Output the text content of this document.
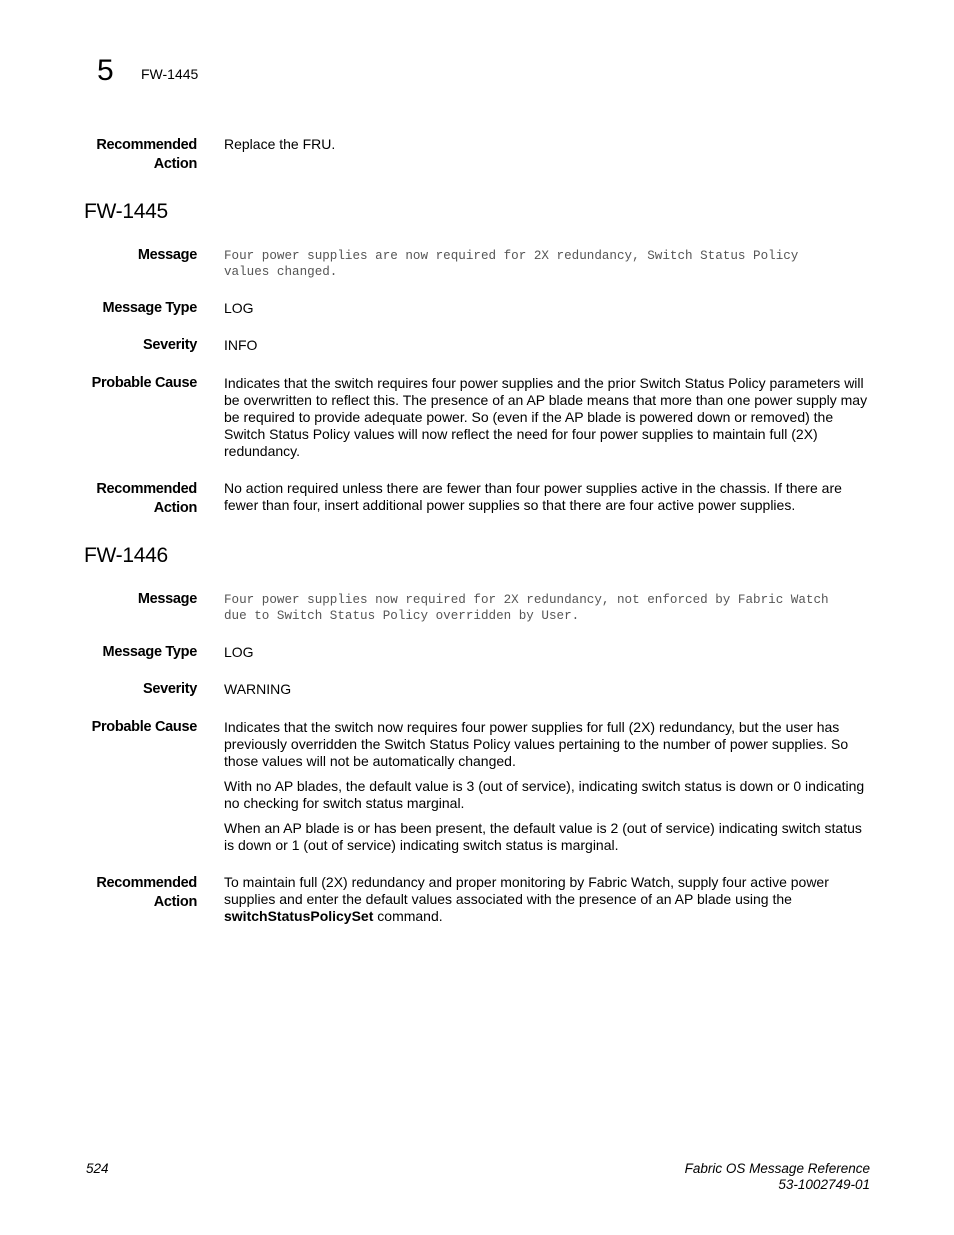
5 FW-1445
Recommended
Action
Replace the FRU.
FW-1445
Message Four power supplies are now required for 2X redundancy, Switch Status Policy
values changed.
Message Type LOG
Severity INFO
Probable Cause Indicates that the switch requires four power supplies and the prior Switch Status Policy parameters will be overwritten to reflect this. The presence of an AP blade means that more than one power supply may be required to provide adequate power. So (even if the AP blade is powered down or removed) the Switch Status Policy values will now reflect the need for four power supplies to maintain full (2X) redundancy.

Recommended
Action
No action required unless there are fewer than four power supplies active in the chassis. If there are fewer than four, insert additional power supplies so that there are four active power supplies.
FW-1446
Message Four power supplies now required for 2X redundancy, not enforced by Fabric Watch
due to Switch Status Policy overridden by User.
Message Type LOG
Severity WARNING
Probable Cause Indicates that the switch now requires four power supplies for full (2X) redundancy, but the user has previously overridden the Switch Status Policy values pertaining to the number of power supplies. So those values will not be automatically changed.

With no AP blades, the default value is 3 (out of service), indicating switch status is down or 0 indicating no checking for switch status marginal.

When an AP blade is or has been present, the default value is 2 (out of service) indicating switch status is down or 1 (out of service) indicating switch status is marginal.

Recommended
Action
To maintain full (2X) redundancy and proper monitoring by Fabric Watch, supply four active power supplies and enter the default values associated with the presence of an AP blade using the switchStatusPolicySet command.
524	Fabric OS Message Reference
53-1002749-01
